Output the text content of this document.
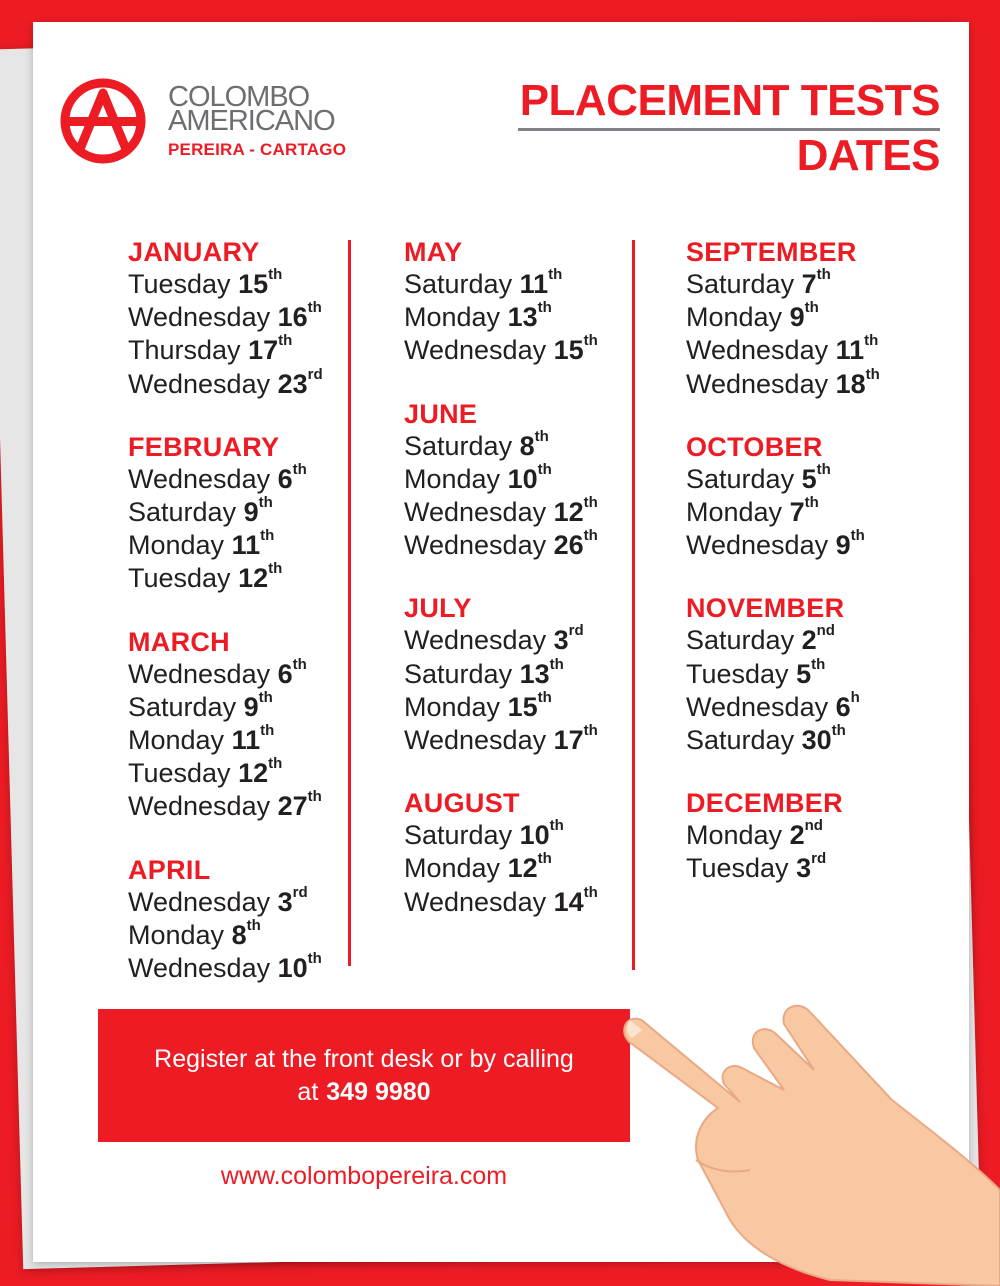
COLOMBO
AMERICANO
PEREIRA - CARTAGO
PLACEMENT TESTS
DATES
JANUARY
Tuesday 15th
Wednesday 16th
Thursday 17th
Wednesday 23rd
FEBRUARY
Wednesday 6th
Saturday 9th
Monday 11th
Tuesday 12th
MARCH
Wednesday 6th
Saturday 9th
Monday 11th
Tuesday 12th
Wednesday 27th
APRIL
Wednesday 3rd
Monday 8th
Wednesday 10th
MAY
Saturday 11th
Monday 13th
Wednesday 15th
JUNE
Saturday 8th
Monday 10th
Wednesday 12th
Wednesday 26th
JULY
Wednesday 3rd
Saturday 13th
Monday 15th
Wednesday 17th
AUGUST
Saturday 10th
Monday 12th
Wednesday 14th
SEPTEMBER
Saturday 7th
Monday 9th
Wednesday 11th
Wednesday 18th
OCTOBER
Saturday 5th
Monday 7th
Wednesday 9th
NOVEMBER
Saturday 2nd
Tuesday 5th
Wednesday 6$^h$
Saturday 30th
DECEMBER
Monday 2nd
Tuesday 3rd
Register at the front desk or by calling
at 349 9980
www.colombopereira.com
